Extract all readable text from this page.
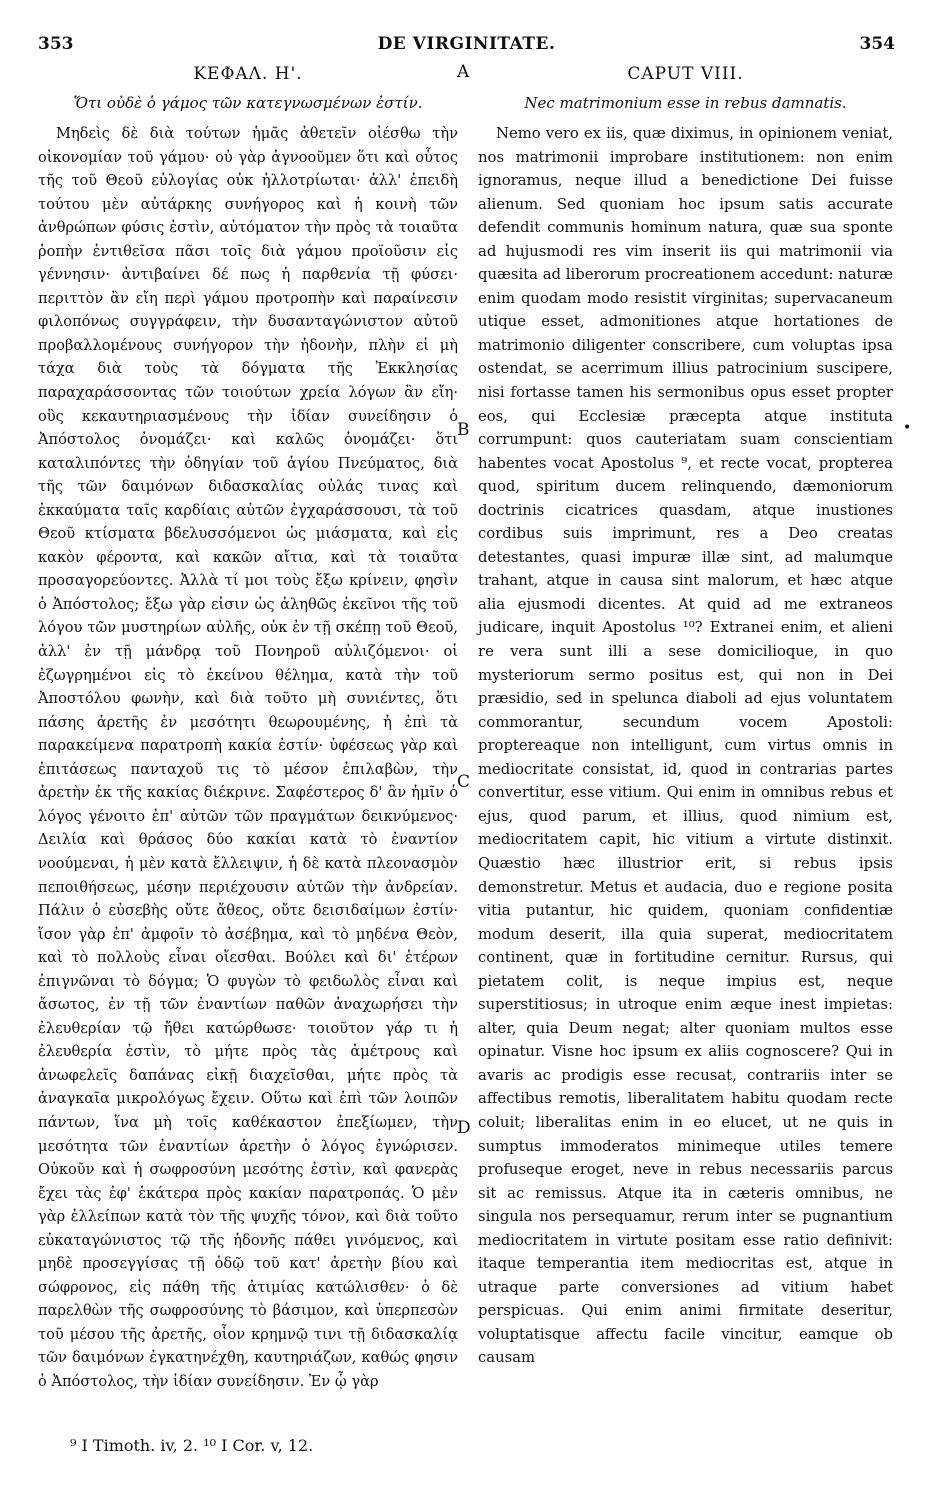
353	DE VIRGINITATE.	354
A
B
C
D
•
ΚΕΦΑΛ. Η'.
Ὅτι οὐδὲ ὁ γάμος τῶν κατεγνωσμένων ἐστίν.

Μηδεὶς δὲ διὰ τούτων ἡμᾶς ἀθετεῖν οἰέσθω τὴν οἰκονομίαν τοῦ γάμου· οὐ γὰρ ἀγνοοῦμεν ὅτι καὶ οὗτος τῆς τοῦ Θεοῦ εὐλογίας οὐκ ἠλλοτρίωται· ἀλλ' ἐπειδὴ τούτου μὲν αὐτάρκης συνήγορος καὶ ἡ κοινὴ τῶν ἀνθρώπων φύσις ἐστὶν, αὐτόματον τὴν πρὸς τὰ τοιαῦτα ῥοπὴν ἐντιθεῖσα πᾶσι τοῖς διὰ γάμου προϊοῦσιν εἰς γέννησιν· ἀντιβαίνει δέ πως ἡ παρθενία τῇ φύσει· περιττὸν ἂν εἴη περὶ γάμου προτροπὴν καὶ παραίνεσιν φιλοπόνως συγγράφειν, τὴν δυσανταγώνιστον αὐτοῦ προβαλλομένους συνήγορον τὴν ἡδονὴν, πλὴν εἰ μὴ τάχα διὰ τοὺς τὰ δόγματα τῆς Ἐκκλησίας παραχαράσσοντας τῶν τοιούτων χρεία λόγων ἂν εἴη· οὓς κεκαυτηριασμένους τὴν ἰδίαν συνείδησιν ὁ Ἀπόστολος ὀνομάζει· καὶ καλῶς ὀνομάζει· ὅτι καταλιπόντες τὴν ὁδηγίαν τοῦ ἁγίου Πνεύματος, διὰ τῆς τῶν δαιμόνων διδασκαλίας οὐλάς τινας καὶ ἐκκαύματα ταῖς καρδίαις αὐτῶν ἐγχαράσσουσι, τὰ τοῦ Θεοῦ κτίσματα βδελυσσόμενοι ὡς μιάσματα, καὶ εἰς κακὸν φέροντα, καὶ κακῶν αἴτια, καὶ τὰ τοιαῦτα προσαγορεύοντες. Ἀλλὰ τί μοι τοὺς ἔξω κρίνειν, φησὶν ὁ Ἀπόστολος; ἔξω γὰρ εἰσιν ὡς ἀληθῶς ἐκεῖνοι τῆς τοῦ λόγου τῶν μυστηρίων αὐλῆς, οὐκ ἐν τῇ σκέπῃ τοῦ Θεοῦ, ἀλλ' ἐν τῇ μάνδρᾳ τοῦ Πονηροῦ αὐλιζόμενοι· οἱ ἐζωγρημένοι εἰς τὸ ἐκείνου θέλημα, κατὰ τὴν τοῦ Ἀποστόλου φωνὴν, καὶ διὰ τοῦτο μὴ συνιέντες, ὅτι πάσης ἀρετῆς ἐν μεσότητι θεωρουμένης, ἡ ἐπὶ τὰ παρακείμενα παρατροπὴ κακία ἐστίν· ὑφέσεως γὰρ καὶ ἐπιτάσεως πανταχοῦ τις τὸ μέσον ἐπιλαβὼν, τὴν ἀρετὴν ἐκ τῆς κακίας διέκρινε. Σαφέστερος δ' ἂν ἡμῖν ὁ λόγος γένοιτο ἐπ' αὐτῶν τῶν πραγμάτων δεικνύμενος· Δειλία καὶ θράσος δύο κακίαι κατὰ τὸ ἐναντίον νοούμεναι, ἡ μὲν κατὰ ἔλλειψιν, ἡ δὲ κατὰ πλεονασμὸν πεποιθήσεως, μέσην περιέχουσιν αὐτῶν τὴν ἀνδρείαν. Πάλιν ὁ εὐσεβὴς οὔτε ἄθεος, οὔτε δεισιδαίμων ἐστίν· ἴσον γὰρ ἐπ' ἀμφοῖν τὸ ἀσέβημα, καὶ τὸ μηδένα Θεὸν, καὶ τὸ πολλοὺς εἶναι οἴεσθαι. Βούλει καὶ δι' ἑτέρων ἐπιγνῶναι τὸ δόγμα; Ὁ φυγὼν τὸ φειδωλὸς εἶναι καὶ ἄσωτος, ἐν τῇ τῶν ἐναντίων παθῶν ἀναχωρήσει τὴν ἐλευθερίαν τῷ ἤθει κατώρθωσε· τοιοῦτον γάρ τι ἡ ἐλευθερία ἐστὶν, τὸ μήτε πρὸς τὰς ἀμέτρους καὶ ἀνωφελεῖς δαπάνας εἰκῇ διαχεῖσθαι, μήτε πρὸς τὰ ἀναγκαῖα μικρολόγως ἔχειν. Οὕτω καὶ ἐπὶ τῶν λοιπῶν πάντων, ἵνα μὴ τοῖς καθέκαστον ἐπεξίωμεν, τὴν μεσότητα τῶν ἐναντίων ἀρετὴν ὁ λόγος ἐγνώρισεν. Οὐκοῦν καὶ ἡ σωφροσύνη μεσότης ἐστὶν, καὶ φανερὰς ἔχει τὰς ἐφ' ἑκάτερα πρὸς κακίαν παρατροπάς. Ὁ μὲν γὰρ ἐλλείπων κατὰ τὸν τῆς ψυχῆς τόνον, καὶ διὰ τοῦτο εὐκαταγώνιστος τῷ τῆς ἡδονῆς πάθει γινόμενος, καὶ μηδὲ προσεγγίσας τῇ ὁδῷ τοῦ κατ' ἀρετὴν βίου καὶ σώφρονος, εἰς πάθη τῆς ἀτιμίας κατώλισθεν· ὁ δὲ παρελθὼν τῆς σωφροσύνης τὸ βάσιμον, καὶ ὑπερπεσὼν τοῦ μέσου τῆς ἀρετῆς, οἷον κρημνῷ τινι τῇ διδασκαλίᾳ τῶν δαιμόνων ἐγκατηνέχθη, καυτηριάζων, καθώς φησιν ὁ Ἀπόστολος, τὴν ἰδίαν συνείδησιν. Ἐν ᾧ γὰρ

CAPUT VIII.
Nec matrimonium esse in rebus damnatis.

Nemo vero ex iis, quæ diximus, in opinionem veniat, nos matrimonii improbare institutionem: non enim ignoramus, neque illud a benedictione Dei fuisse alienum. Sed quoniam hoc ipsum satis accurate defendit communis hominum natura, quæ sua sponte ad hujusmodi res vim inserit iis qui matrimonii via quæsita ad liberorum procreationem accedunt: naturæ enim quodam modo resistit virginitas; supervacaneum utique esset, admonitiones atque hortationes de matrimonio diligenter conscribere, cum voluptas ipsa ostendat, se acerrimum illius patrocinium suscipere, nisi fortasse tamen his sermonibus opus esset propter eos, qui Ecclesiæ præcepta atque instituta corrumpunt: quos cauteriatam suam conscientiam habentes vocat Apostolus ⁹, et recte vocat, propterea quod, spiritum ducem relinquendo, dæmoniorum doctrinis cicatrices quasdam, atque inustiones cordibus suis imprimunt, res a Deo creatas detestantes, quasi impuræ illæ sint, ad malumque trahant, atque in causa sint malorum, et hæc atque alia ejusmodi dicentes. At quid ad me extraneos judicare, inquit Apostolus ¹⁰? Extranei enim, et alieni re vera sunt illi a sese domicilioque, in quo mysteriorum sermo positus est, qui non in Dei præsidio, sed in spelunca diaboli ad ejus voluntatem commorantur, secundum vocem Apostoli: proptereaque non intelligunt, cum virtus omnis in mediocritate consistat, id, quod in contrarias partes convertitur, esse vitium. Qui enim in omnibus rebus et ejus, quod parum, et illius, quod nimium est, mediocritatem capit, hic vitium a virtute distinxit. Quæstio hæc illustrior erit, si rebus ipsis demonstretur. Metus et audacia, duo e regione posita vitia putantur, hic quidem, quoniam confidentiæ modum deserit, illa quia superat, mediocritatem continent, quæ in fortitudine cernitur. Rursus, qui pietatem colit, is neque impius est, neque superstitiosus; in utroque enim æque inest impietas: alter, quia Deum negat; alter quoniam multos esse opinatur. Visne hoc ipsum ex aliis cognoscere? Qui in avaris ac prodigis esse recusat, contrariis inter se affectibus remotis, liberalitatem habitu quodam recte coluit; liberalitas enim in eo elucet, ut ne quis in sumptus immoderatos minimeque utiles temere profuseque eroget, neve in rebus necessariis parcus sit ac remissus. Atque ita in cæteris omnibus, ne singula nos persequamur, rerum inter se pugnantium mediocritatem in virtute positam esse ratio definivit: itaque temperantia item mediocritas est, atque in utraque parte conversiones ad vitium habet perspicuas. Qui enim animi firmitate deseritur, voluptatisque affectu facile vincitur, eamque ob causam

⁹ I Timoth. iv, 2. ¹⁰ I Cor. v, 12.
